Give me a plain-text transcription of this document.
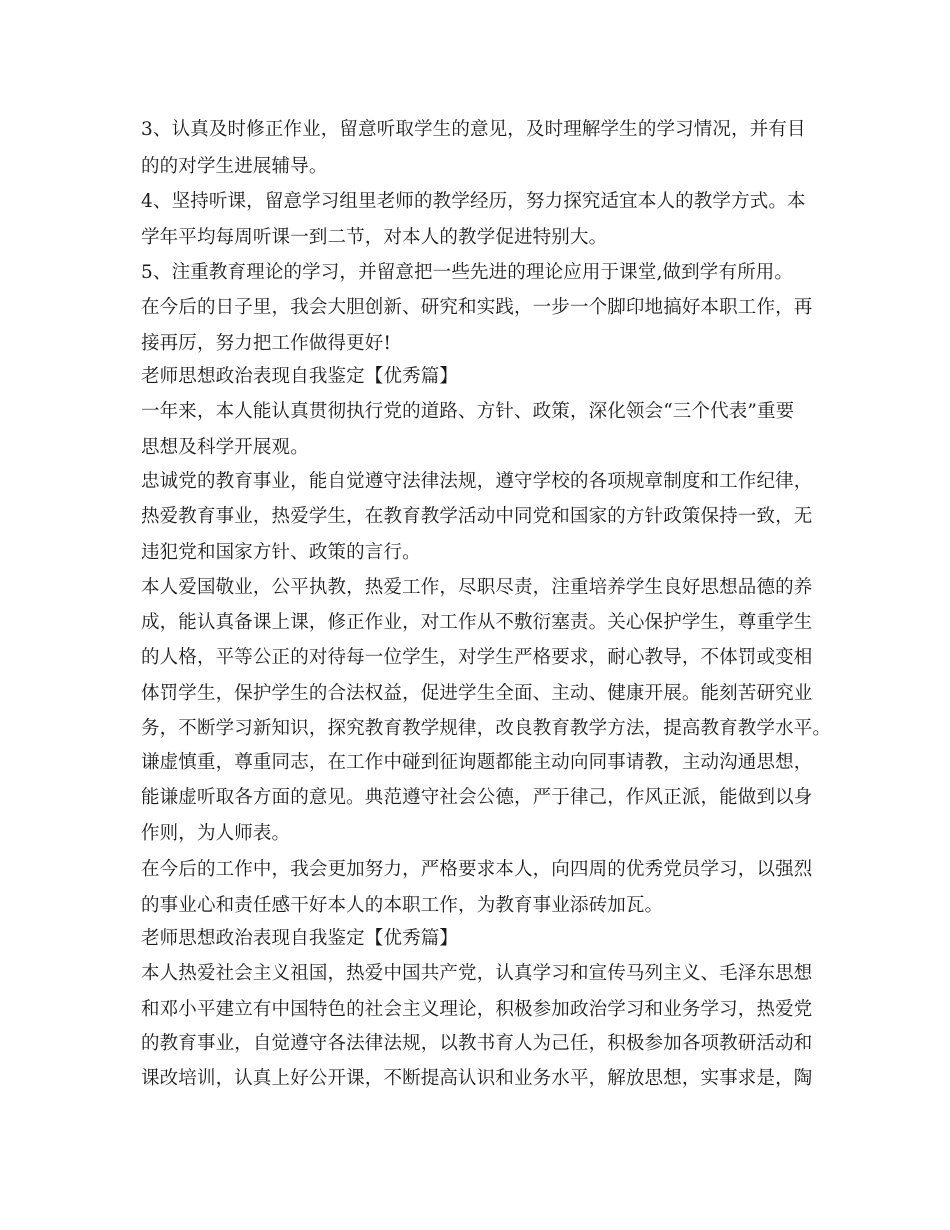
3、认真及时修正作业，留意听取学生的意见，及时理解学生的学习情况，并有目
的的对学生进展辅导。
4、坚持听课，留意学习组里老师的教学经历，努力探究适宜本人的教学方式。本
学年平均每周听课一到二节，对本人的教学促进特别大。
5、注重教育理论的学习，并留意把一些先进的理论应用于课堂,做到学有所用。
在今后的日子里，我会大胆创新、研究和实践，一步一个脚印地搞好本职工作，再
接再厉，努力把工作做得更好!
老师思想政治表现自我鉴定【优秀篇】
一年来，本人能认真贯彻执行党的道路、方针、政策，深化领会“三个代表”重要
思想及科学开展观。
忠诚党的教育事业，能自觉遵守法律法规，遵守学校的各项规章制度和工作纪律，
热爱教育事业，热爱学生，在教育教学活动中同党和国家的方针政策保持一致，无
违犯党和国家方针、政策的言行。
本人爱国敬业，公平执教，热爱工作，尽职尽责，注重培养学生良好思想品德的养
成，能认真备课上课，修正作业，对工作从不敷衍塞责。关心保护学生，尊重学生
的人格，平等公正的对待每一位学生，对学生严格要求，耐心教导，不体罚或变相
体罚学生，保护学生的合法权益，促进学生全面、主动、健康开展。能刻苦研究业
务，不断学习新知识，探究教育教学规律，改良教育教学方法，提高教育教学水平。
谦虚慎重，尊重同志，在工作中碰到征询题都能主动向同事请教，主动沟通思想，
能谦虚听取各方面的意见。典范遵守社会公德，严于律己，作风正派，能做到以身
作则，为人师表。
在今后的工作中，我会更加努力，严格要求本人，向四周的优秀党员学习，以强烈
的事业心和责任感干好本人的本职工作，为教育事业添砖加瓦。
老师思想政治表现自我鉴定【优秀篇】
本人热爱社会主义祖国，热爱中国共产党，认真学习和宣传马列主义、毛泽东思想
和邓小平建立有中国特色的社会主义理论，积极参加政治学习和业务学习，热爱党
的教育事业，自觉遵守各法律法规，以教书育人为己任，积极参加各项教研活动和
课改培训，认真上好公开课，不断提高认识和业务水平，解放思想，实事求是，陶
